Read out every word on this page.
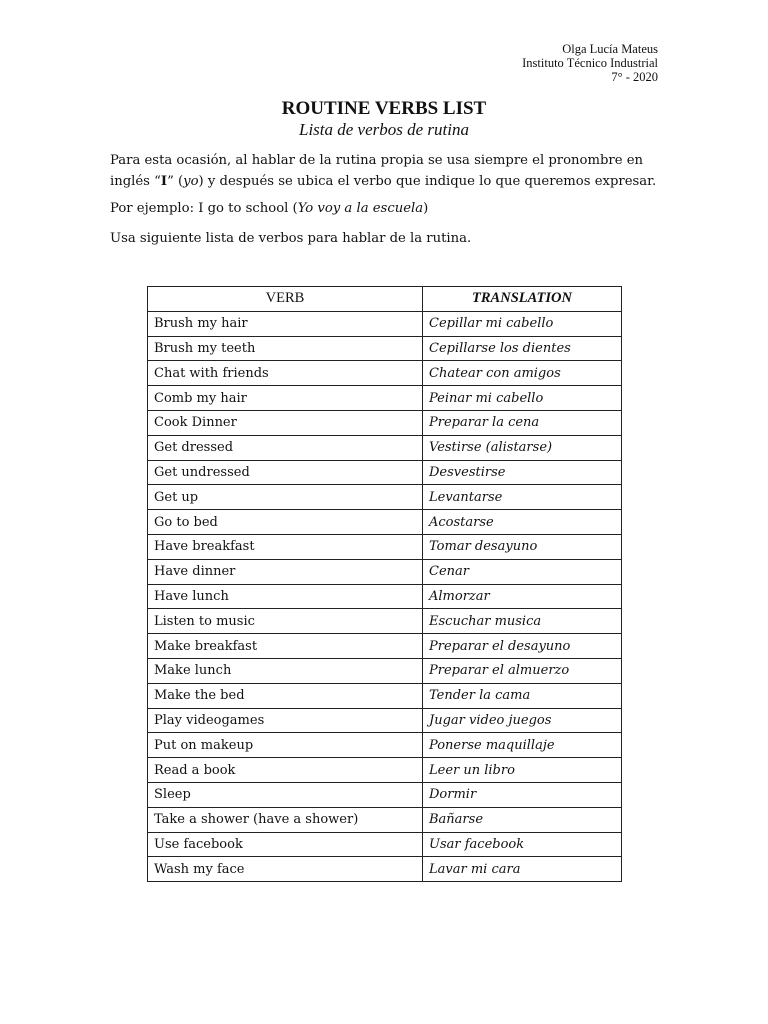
Olga Lucía Mateus
Instituto Técnico Industrial
7° - 2020
ROUTINE VERBS LIST
Lista de verbos de rutina
Para esta ocasión, al hablar de la rutina propia se usa siempre el pronombre en inglés “I” (yo) y después se ubica el verbo que indique lo que queremos expresar.
Por ejemplo: I go to school (Yo voy a la escuela)
Usa siguiente lista de verbos para hablar de la rutina.
VERB	TRANSLATION
Brush my hair	Cepillar mi cabello
Brush my teeth	Cepillarse los dientes
Chat with friends	Chatear con amigos
Comb my hair	Peinar mi cabello
Cook Dinner	Preparar la cena
Get dressed	Vestirse (alistarse)
Get undressed	Desvestirse
Get up	Levantarse
Go to bed	Acostarse
Have breakfast	Tomar desayuno
Have dinner	Cenar
Have lunch	Almorzar
Listen to music	Escuchar musica
Make breakfast	Preparar el desayuno
Make lunch	Preparar el almuerzo
Make the bed	Tender la cama
Play videogames	Jugar video juegos
Put on makeup	Ponerse maquillaje
Read a book	Leer un libro
Sleep	Dormir
Take a shower (have a shower)	Bañarse
Use facebook	Usar facebook
Wash my face	Lavar mi cara
